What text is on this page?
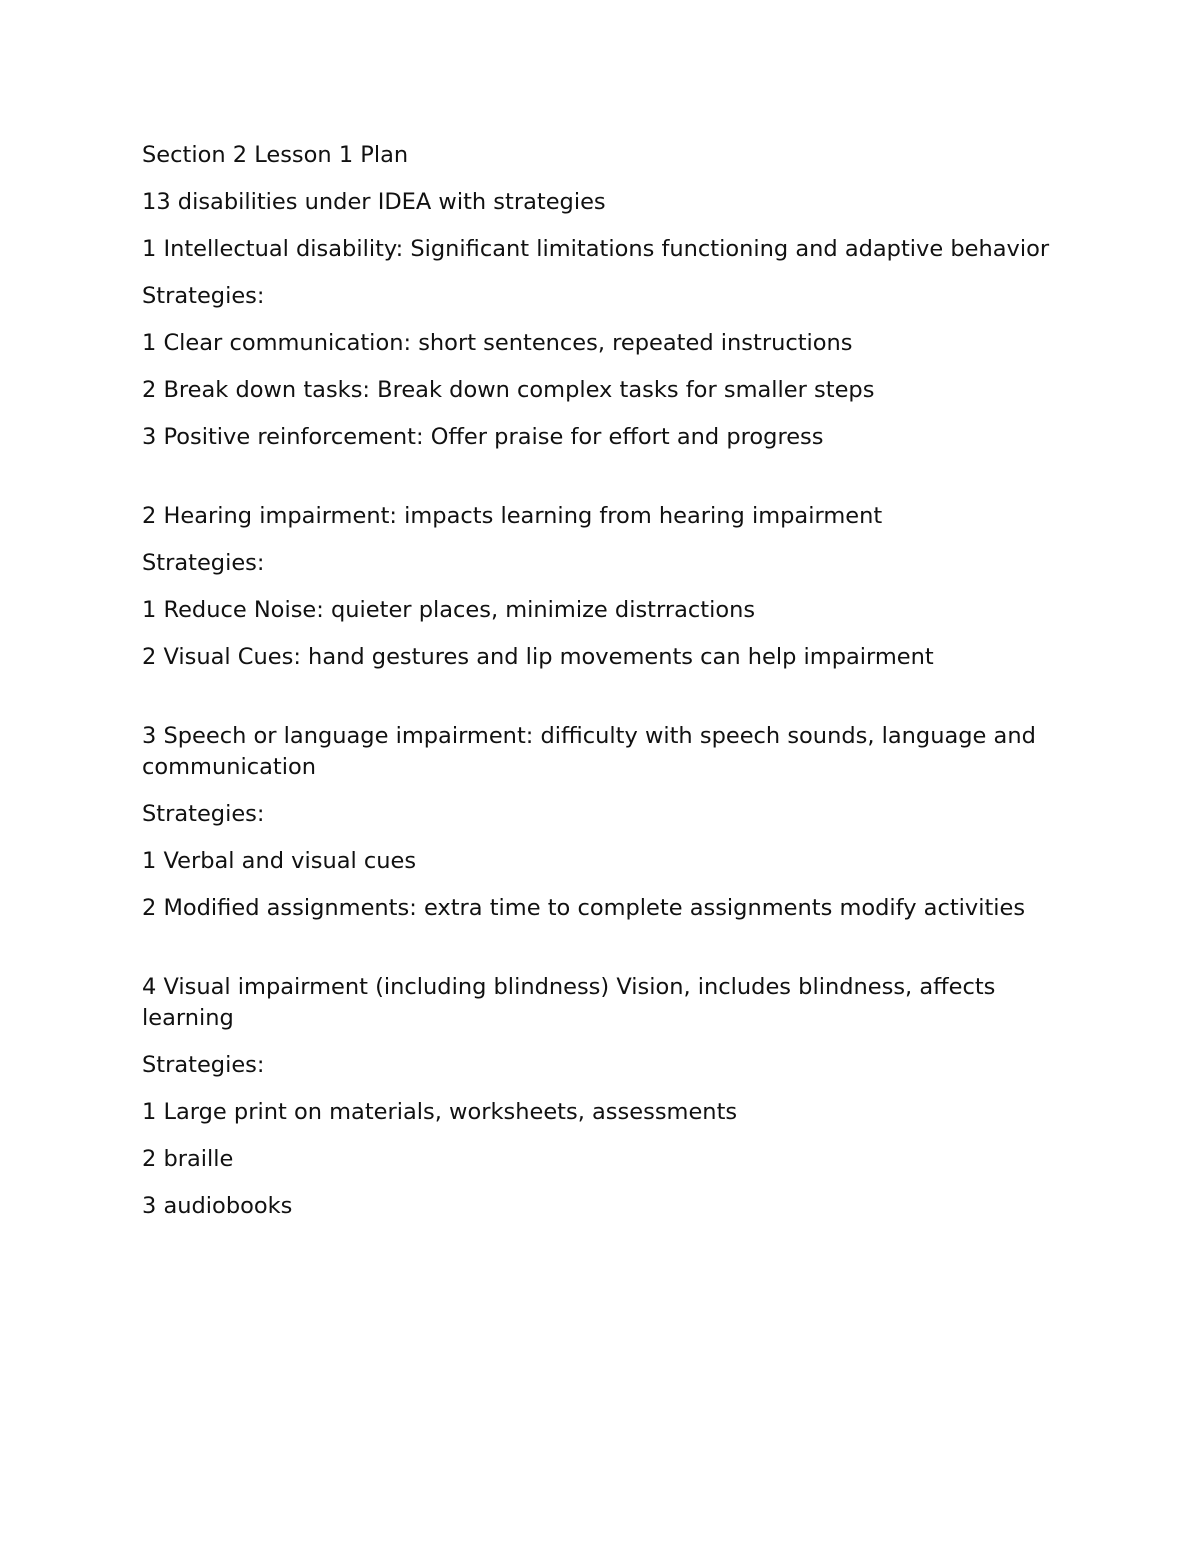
Section 2 Lesson 1 Plan

13 disabilities under IDEA with strategies

1 Intellectual disability: Significant limitations functioning and adaptive behavior

Strategies:

1 Clear communication: short sentences, repeated instructions

2 Break down tasks: Break down complex tasks for smaller steps

3 Positive reinforcement: Offer praise for effort and progress

2 Hearing impairment: impacts learning from hearing impairment

Strategies:

1 Reduce Noise: quieter places, minimize distrractions

2 Visual Cues: hand gestures and lip movements can help impairment

3 Speech or language impairment: difficulty with speech sounds, language and communication

Strategies:

1 Verbal and visual cues

2 Modified assignments: extra time to complete assignments modify activities

4 Visual impairment (including blindness) Vision, includes blindness, affects learning

Strategies:

1 Large print on materials, worksheets, assessments

2 braille

3 audiobooks
